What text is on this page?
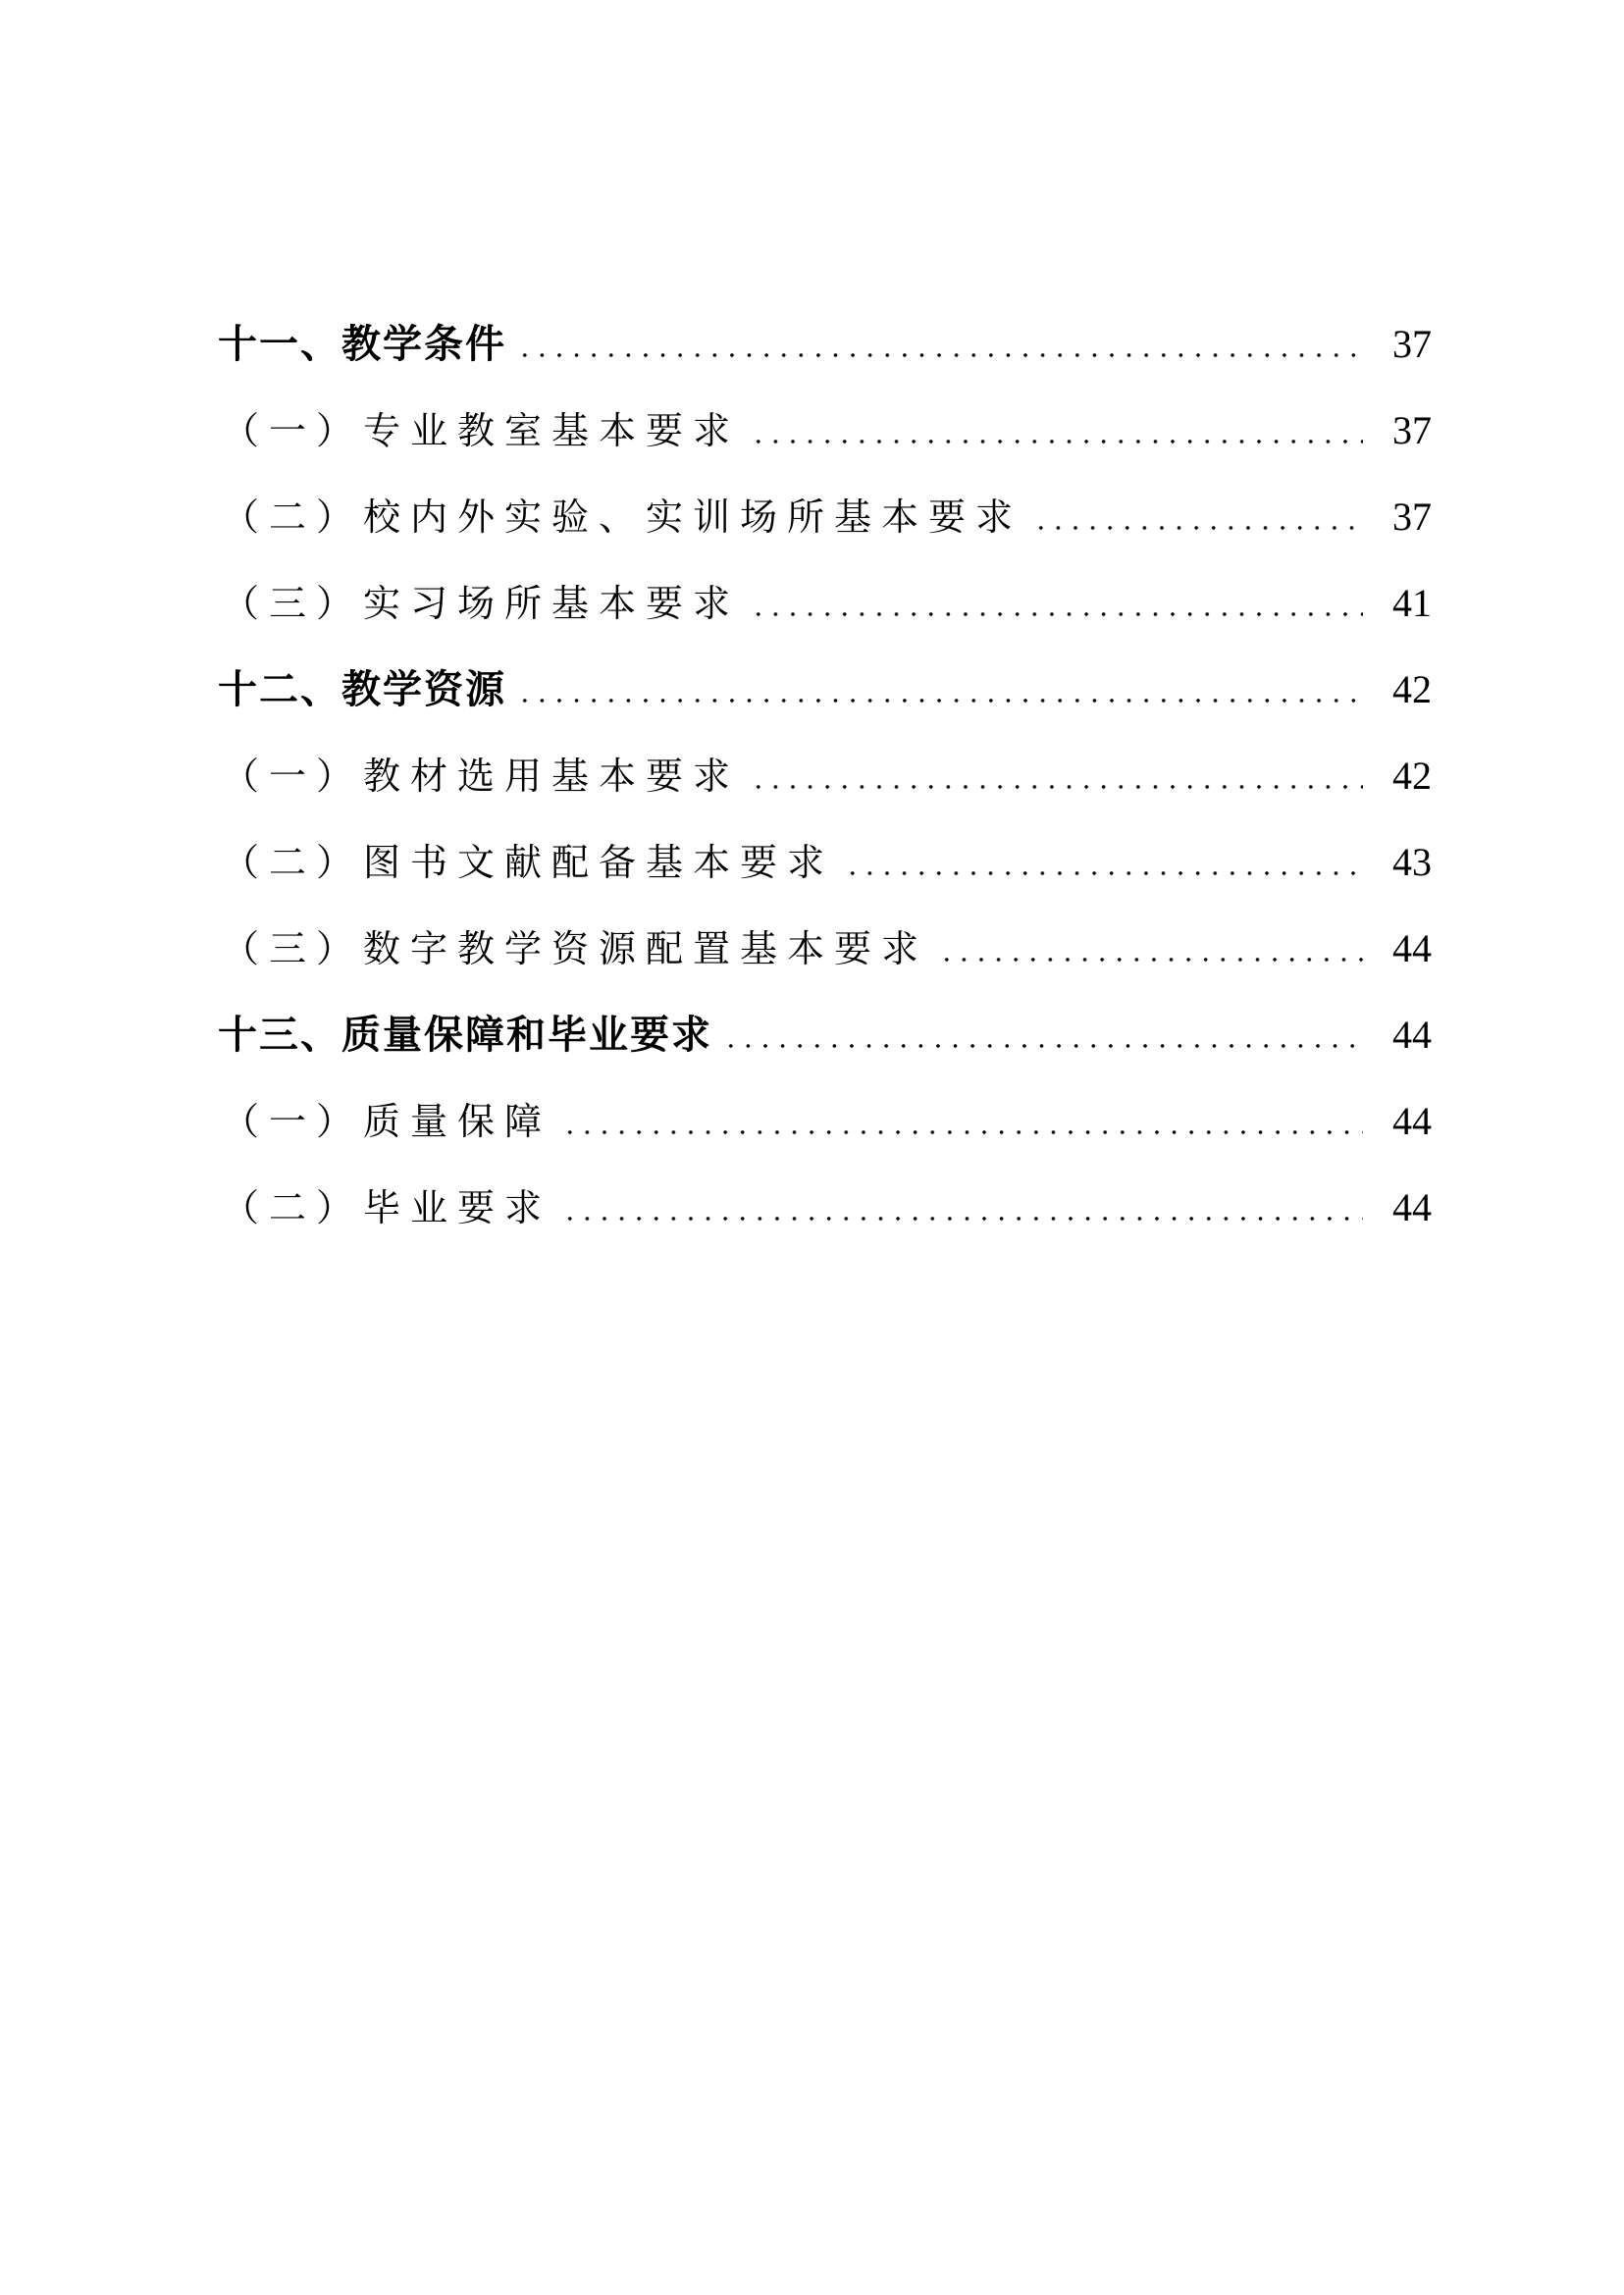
十一、教学条件	37
（一）专业教室基本要求	37
（二）校内外实验、实训场所基本要求	37
（三）实习场所基本要求	41
十二、教学资源	42
（一）教材选用基本要求	42
（二）图书文献配备基本要求	43
（三）数字教学资源配置基本要求	44
十三、质量保障和毕业要求	44
（一）质量保障	44
（二）毕业要求	44
